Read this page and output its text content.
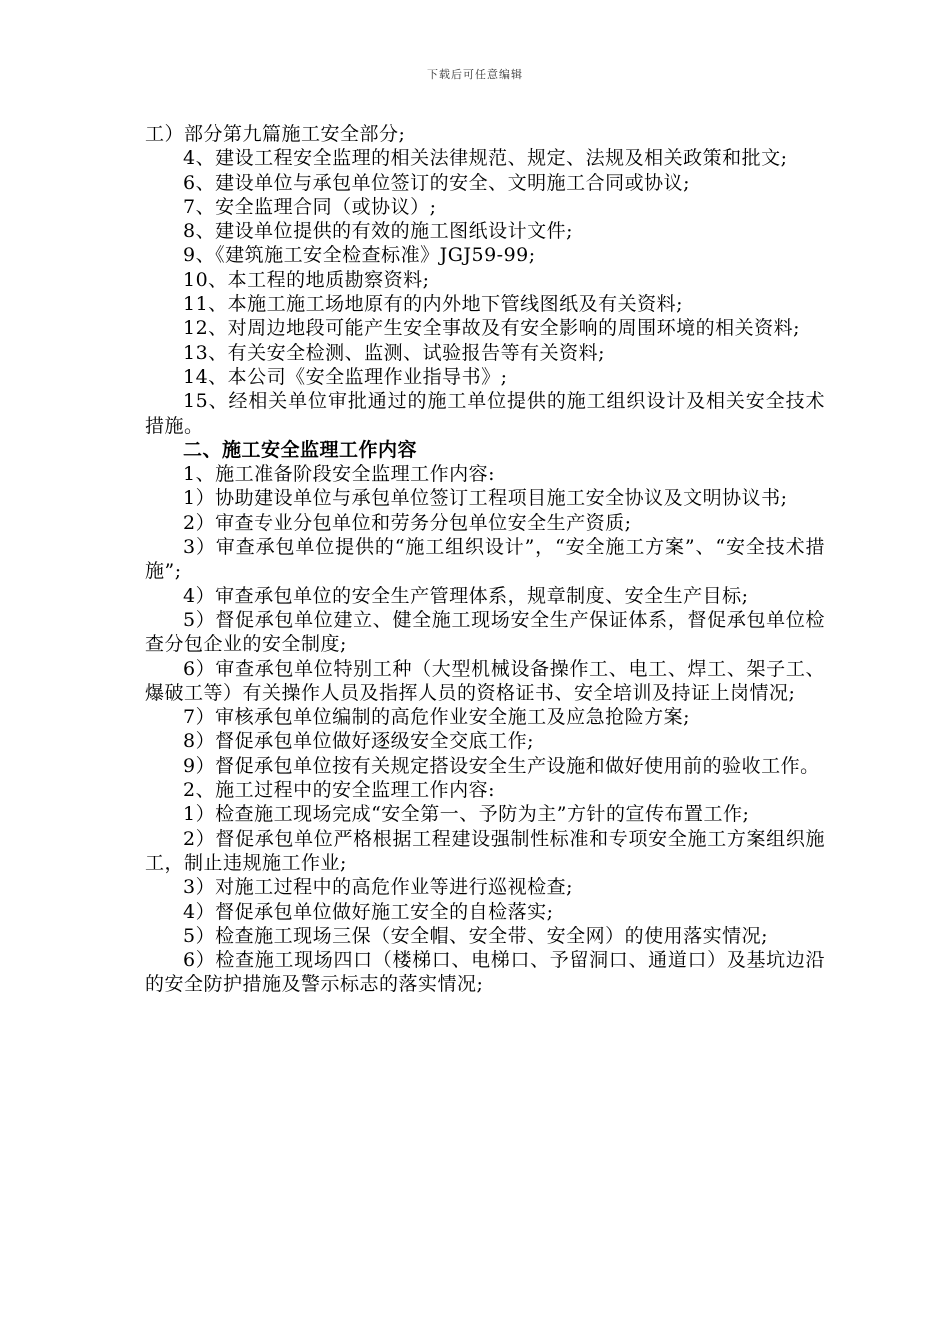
下载后可任意编辑

工）部分第九篇施工安全部分;

4、建设工程安全监理的相关法律规范、规定、法规及相关政策和批文;

6、建设单位与承包单位签订的安全、文明施工合同或协议;

7、安全监理合同（或协议）;

8、建设单位提供的有效的施工图纸设计文件;

9、《建筑施工安全检查标准》JGJ59-99;

10、本工程的地质勘察资料;

11、本施工施工场地原有的内外地下管线图纸及有关资料;

12、对周边地段可能产生安全事故及有安全影响的周围环境的相关资料;

13、有关安全检测、监测、试验报告等有关资料;

14、本公司《安全监理作业指导书》;

15、经相关单位审批通过的施工单位提供的施工组织设计及相关安全技术措施。

二、施工安全监理工作内容

1、施工准备阶段安全监理工作内容:

1）协助建设单位与承包单位签订工程项目施工安全协议及文明协议书;

2）审查专业分包单位和劳务分包单位安全生产资质;

3）审查承包单位提供的“施工组织设计”，“安全施工方案”、“安全技术措施”;

4）审查承包单位的安全生产管理体系，规章制度、安全生产目标;

5）督促承包单位建立、健全施工现场安全生产保证体系，督促承包单位检查分包企业的安全制度;

6）审查承包单位特别工种（大型机械设备操作工、电工、焊工、架子工、爆破工等）有关操作人员及指挥人员的资格证书、安全培训及持证上岗情况;

7）审核承包单位编制的高危作业安全施工及应急抢险方案;

8）督促承包单位做好逐级安全交底工作;

9）督促承包单位按有关规定搭设安全生产设施和做好使用前的验收工作。

2、施工过程中的安全监理工作内容:

1）检查施工现场完成“安全第一、予防为主”方针的宣传布置工作;

2）督促承包单位严格根据工程建设强制性标准和专项安全施工方案组织施工，制止违规施工作业;

3）对施工过程中的高危作业等进行巡视检查;

4）督促承包单位做好施工安全的自检落实;

5）检查施工现场三保（安全帽、安全带、安全网）的使用落实情况;

6）检查施工现场四口（楼梯口、电梯口、予留洞口、通道口）及基坑边沿的安全防护措施及警示标志的落实情况;
